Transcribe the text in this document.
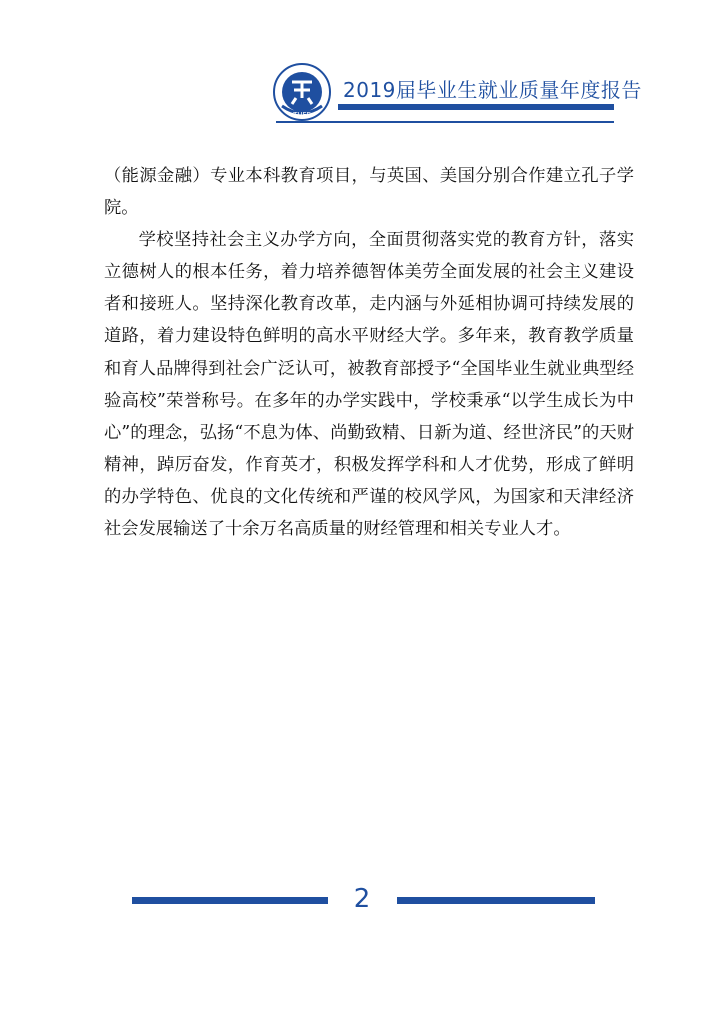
TUFE
2019届毕业生就业质量年度报告

（能源金融）专业本科教育项目，与英国、美国分别合作建立孔子学院。

学校坚持社会主义办学方向，全面贯彻落实党的教育方针，落实立德树人的根本任务，着力培养德智体美劳全面发展的社会主义建设者和接班人。坚持深化教育改革，走内涵与外延相协调可持续发展的道路，着力建设特色鲜明的高水平财经大学。多年来，教育教学质量和育人品牌得到社会广泛认可，被教育部授予“全国毕业生就业典型经验高校”荣誉称号。在多年的办学实践中，学校秉承“以学生成长为中心”的理念，弘扬“不息为体、尚勤致精、日新为道、经世济民”的天财精神，踔厉奋发，作育英才，积极发挥学科和人才优势，形成了鲜明的办学特色、优良的文化传统和严谨的校风学风，为国家和天津经济社会发展输送了十余万名高质量的财经管理和相关专业人才。

2
